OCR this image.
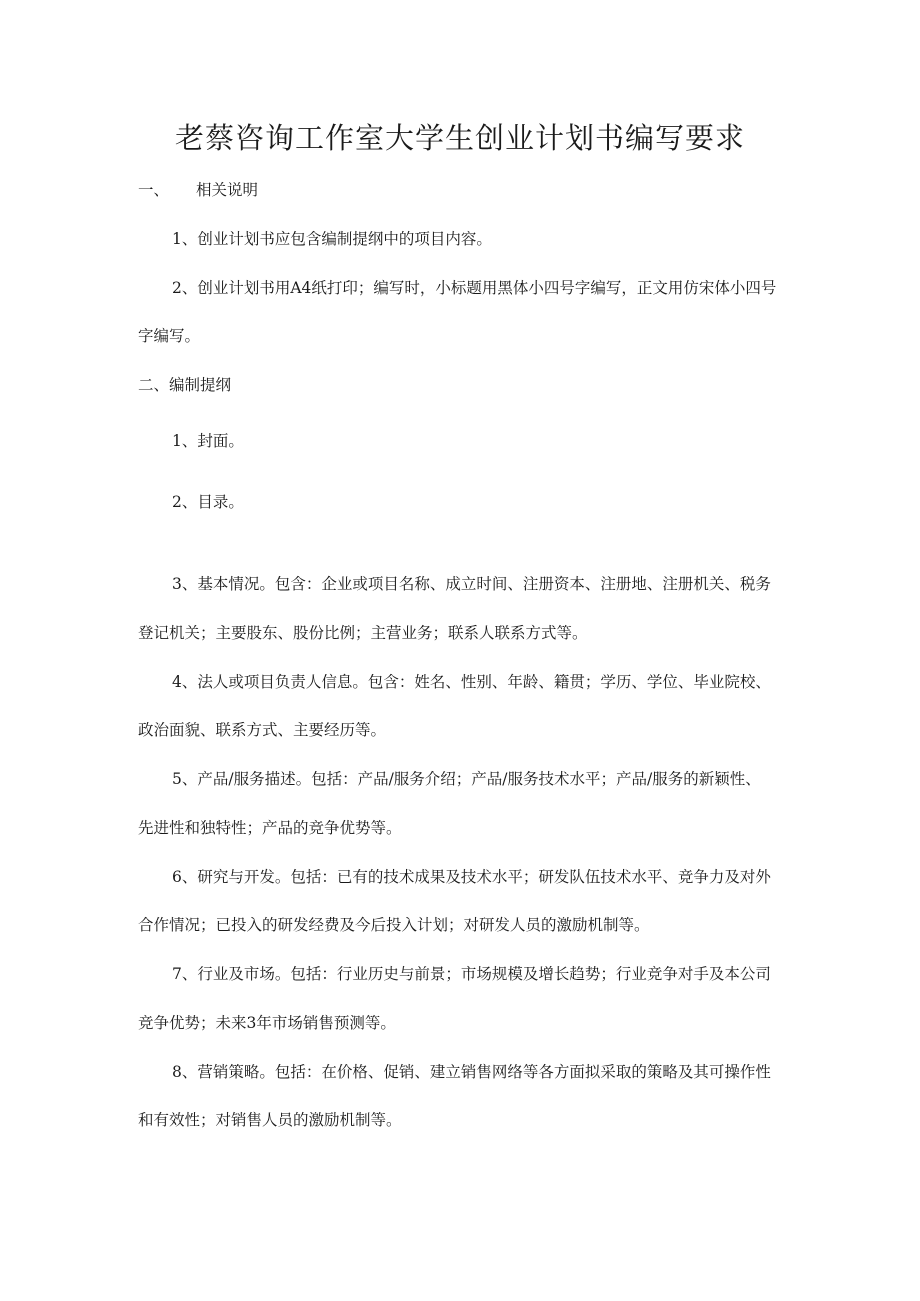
老蔡咨询工作室大学生创业计划书编写要求
一、 相关说明
1、创业计划书应包含编制提纲中的项目内容。
2、创业计划书用A4纸打印；编写时，小标题用黑体小四号字编写，正文用仿宋体小四号
字编写。
二、编制提纲
1、封面。
2、目录。
3、基本情况。包含：企业或项目名称、成立时间、注册资本、注册地、注册机关、税务
登记机关；主要股东、股份比例；主营业务；联系人联系方式等。
4、法人或项目负责人信息。包含：姓名、性别、年龄、籍贯；学历、学位、毕业院校、
政治面貌、联系方式、主要经历等。
5、产品/服务描述。包括：产品/服务介绍；产品/服务技术水平；产品/服务的新颖性、
先进性和独特性；产品的竞争优势等。
6、研究与开发。包括：已有的技术成果及技术水平；研发队伍技术水平、竞争力及对外
合作情况；已投入的研发经费及今后投入计划；对研发人员的激励机制等。
7、行业及市场。包括：行业历史与前景；市场规模及增长趋势；行业竞争对手及本公司
竞争优势；未来3年市场销售预测等。
8、营销策略。包括：在价格、促销、建立销售网络等各方面拟采取的策略及其可操作性
和有效性；对销售人员的激励机制等。
